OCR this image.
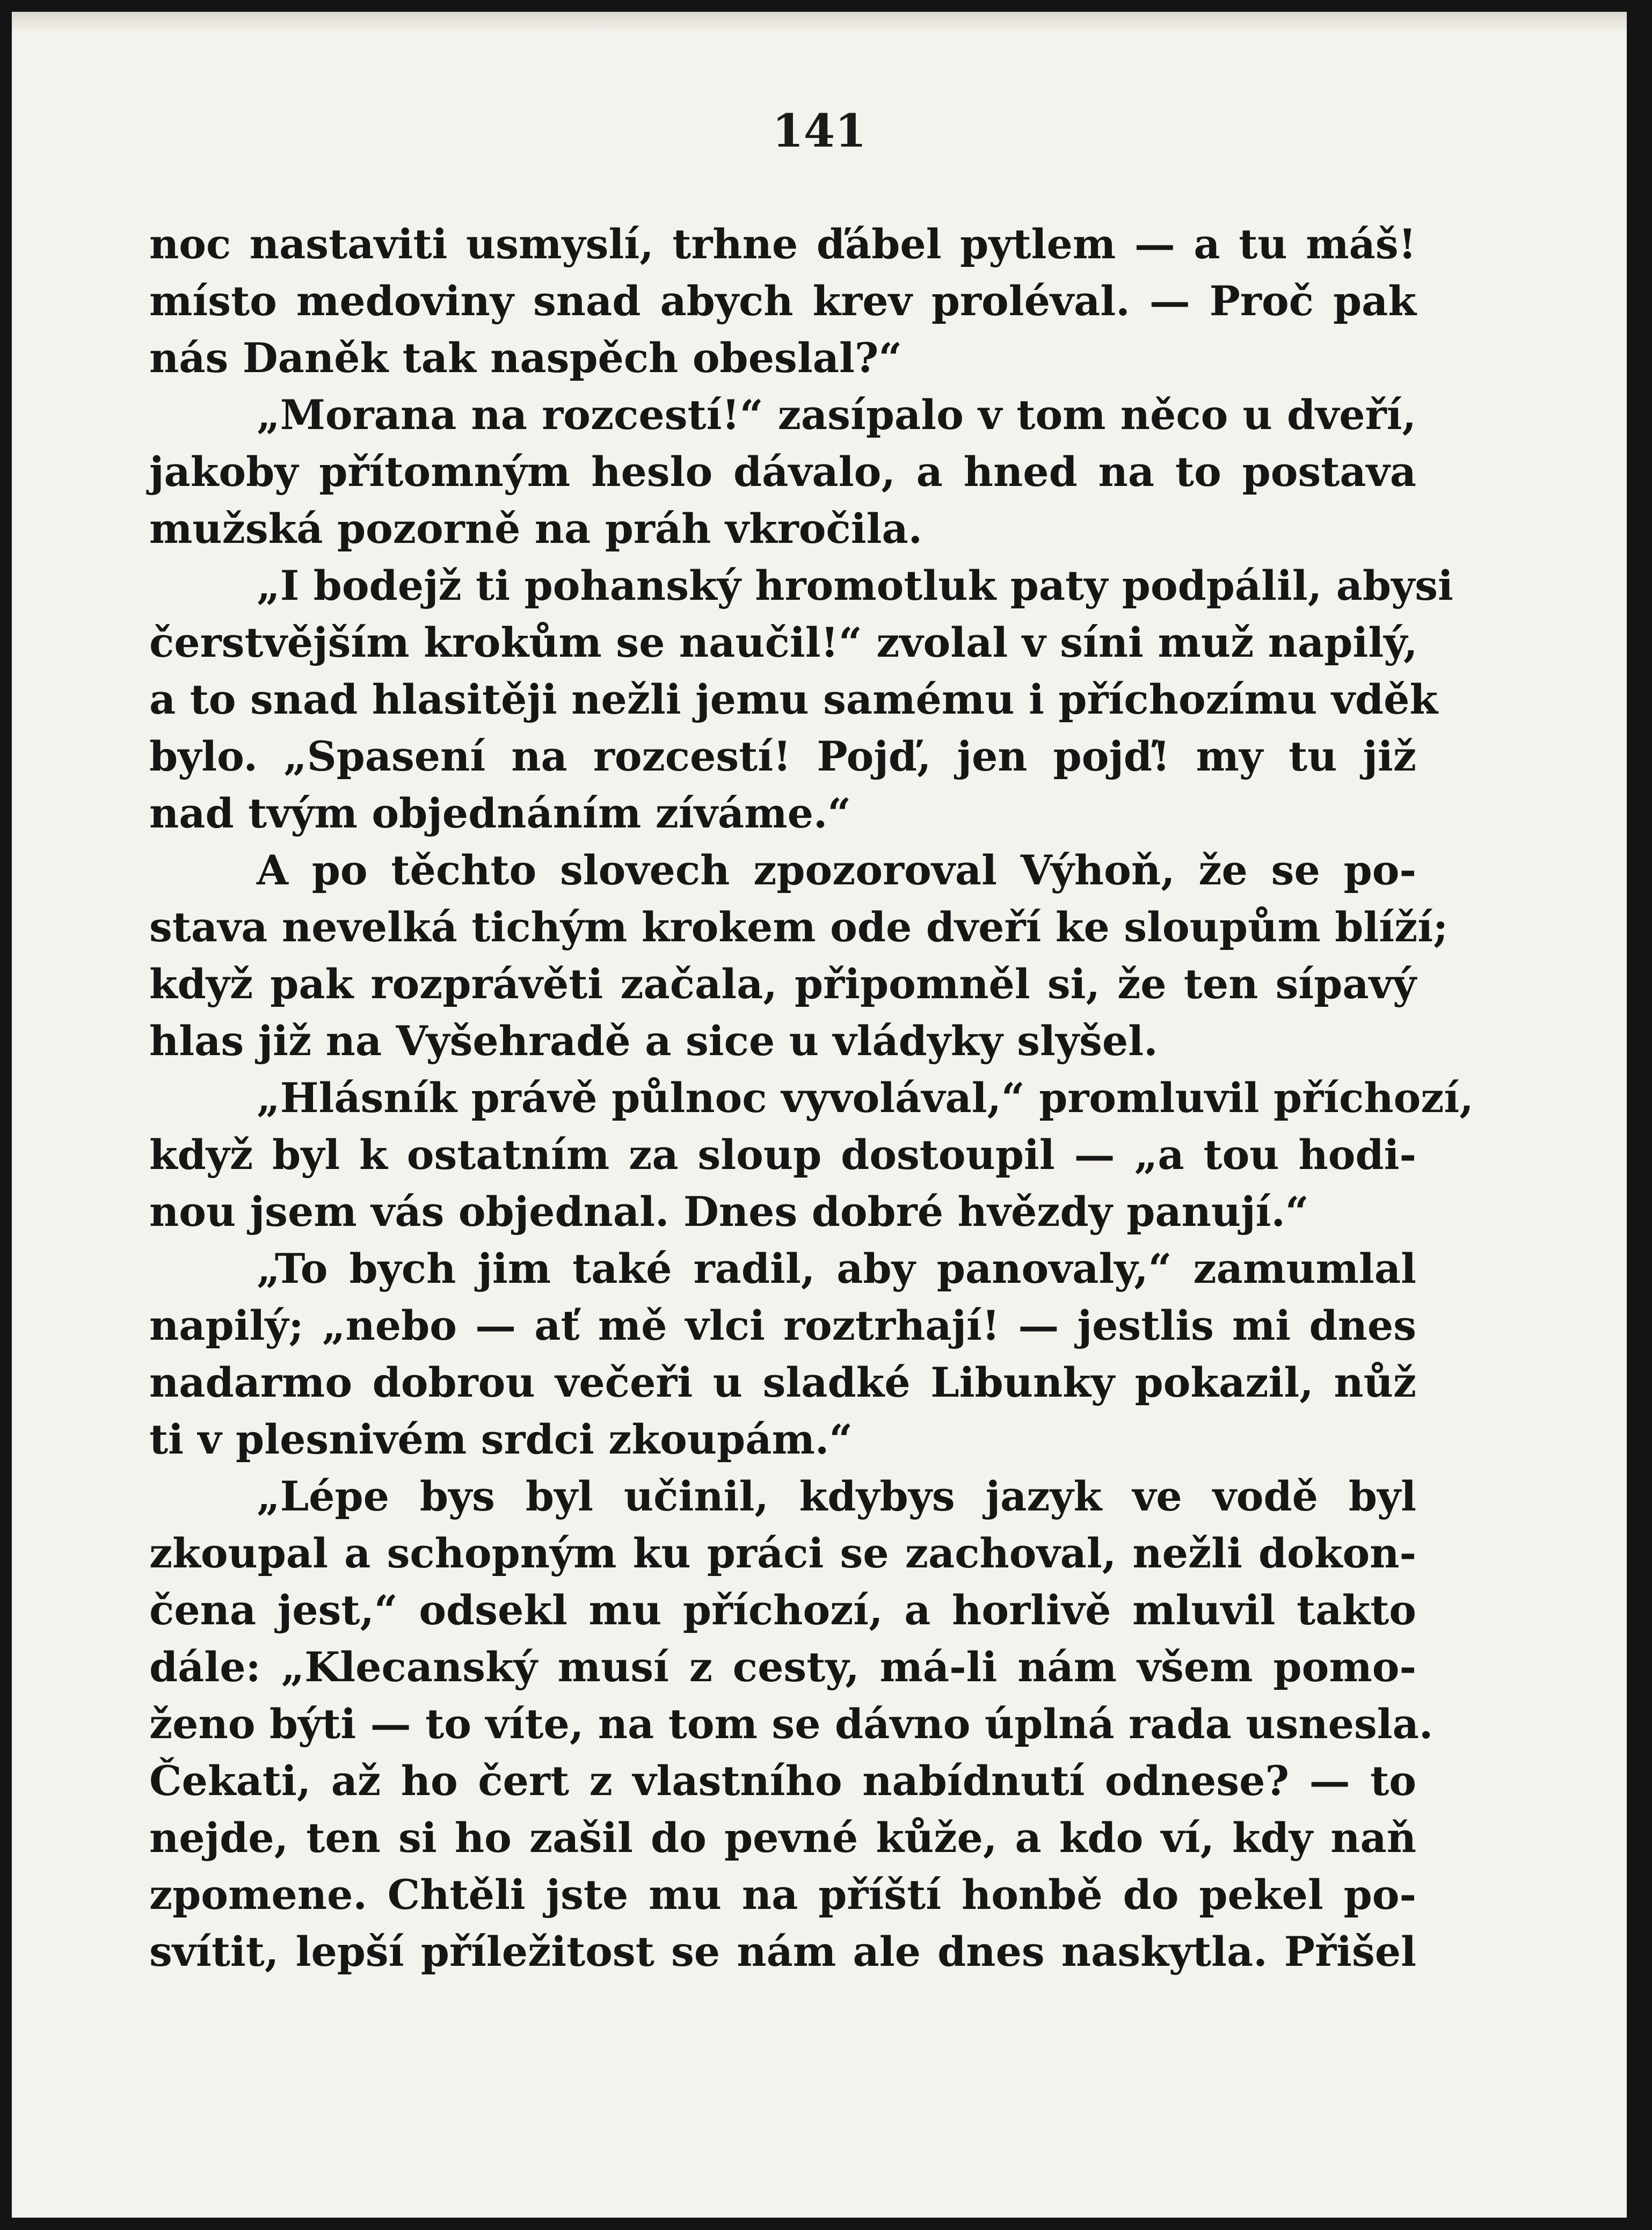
141
noc nastaviti usmyslí, trhne ďábel pytlem — a tu máš!
místo medoviny snad abych krev proléval. — Proč pak
nás Daněk tak naspěch obeslal?“
„Morana na rozcestí!“ zasípalo v tom něco u dveří,
jakoby přítomným heslo dávalo, a hned na to postava
mužská pozorně na práh vkročila.
„I bodejž ti pohanský hromotluk paty podpálil, abysi
čerstvějším krokům se naučil!“ zvolal v síni muž napilý,
a to snad hlasitěji nežli jemu samému i příchozímu vděk
bylo. „Spasení na rozcestí! Pojď, jen pojď! my tu již
nad tvým objednáním zíváme.“
A po těchto slovech zpozoroval Výhoň, že se po-
stava nevelká tichým krokem ode dveří ke sloupům blíží;
když pak rozprávěti začala, připomněl si, že ten sípavý
hlas již na Vyšehradě a sice u vládyky slyšel.
„Hlásník právě půlnoc vyvolával,“ promluvil příchozí,
když byl k ostatním za sloup dostoupil — „a tou hodi-
nou jsem vás objednal. Dnes dobré hvězdy panují.“
„To bych jim také radil, aby panovaly,“ zamumlal
napilý; „nebo — ať mě vlci roztrhají! — jestlis mi dnes
nadarmo dobrou večeři u sladké Libunky pokazil, nůž
ti v plesnivém srdci zkoupám.“
„Lépe bys byl učinil, kdybys jazyk ve vodě byl
zkoupal a schopným ku práci se zachoval, nežli dokon-
čena jest,“ odsekl mu příchozí, a horlivě mluvil takto
dále: „Klecanský musí z cesty, má-li nám všem pomo-
ženo býti — to víte, na tom se dávno úplná rada usnesla.
Čekati, až ho čert z vlastního nabídnutí odnese? — to
nejde, ten si ho zašil do pevné kůže, a kdo ví, kdy naň
zpomene. Chtěli jste mu na příští honbě do pekel po-
svítit, lepší příležitost se nám ale dnes naskytla. Přišel
